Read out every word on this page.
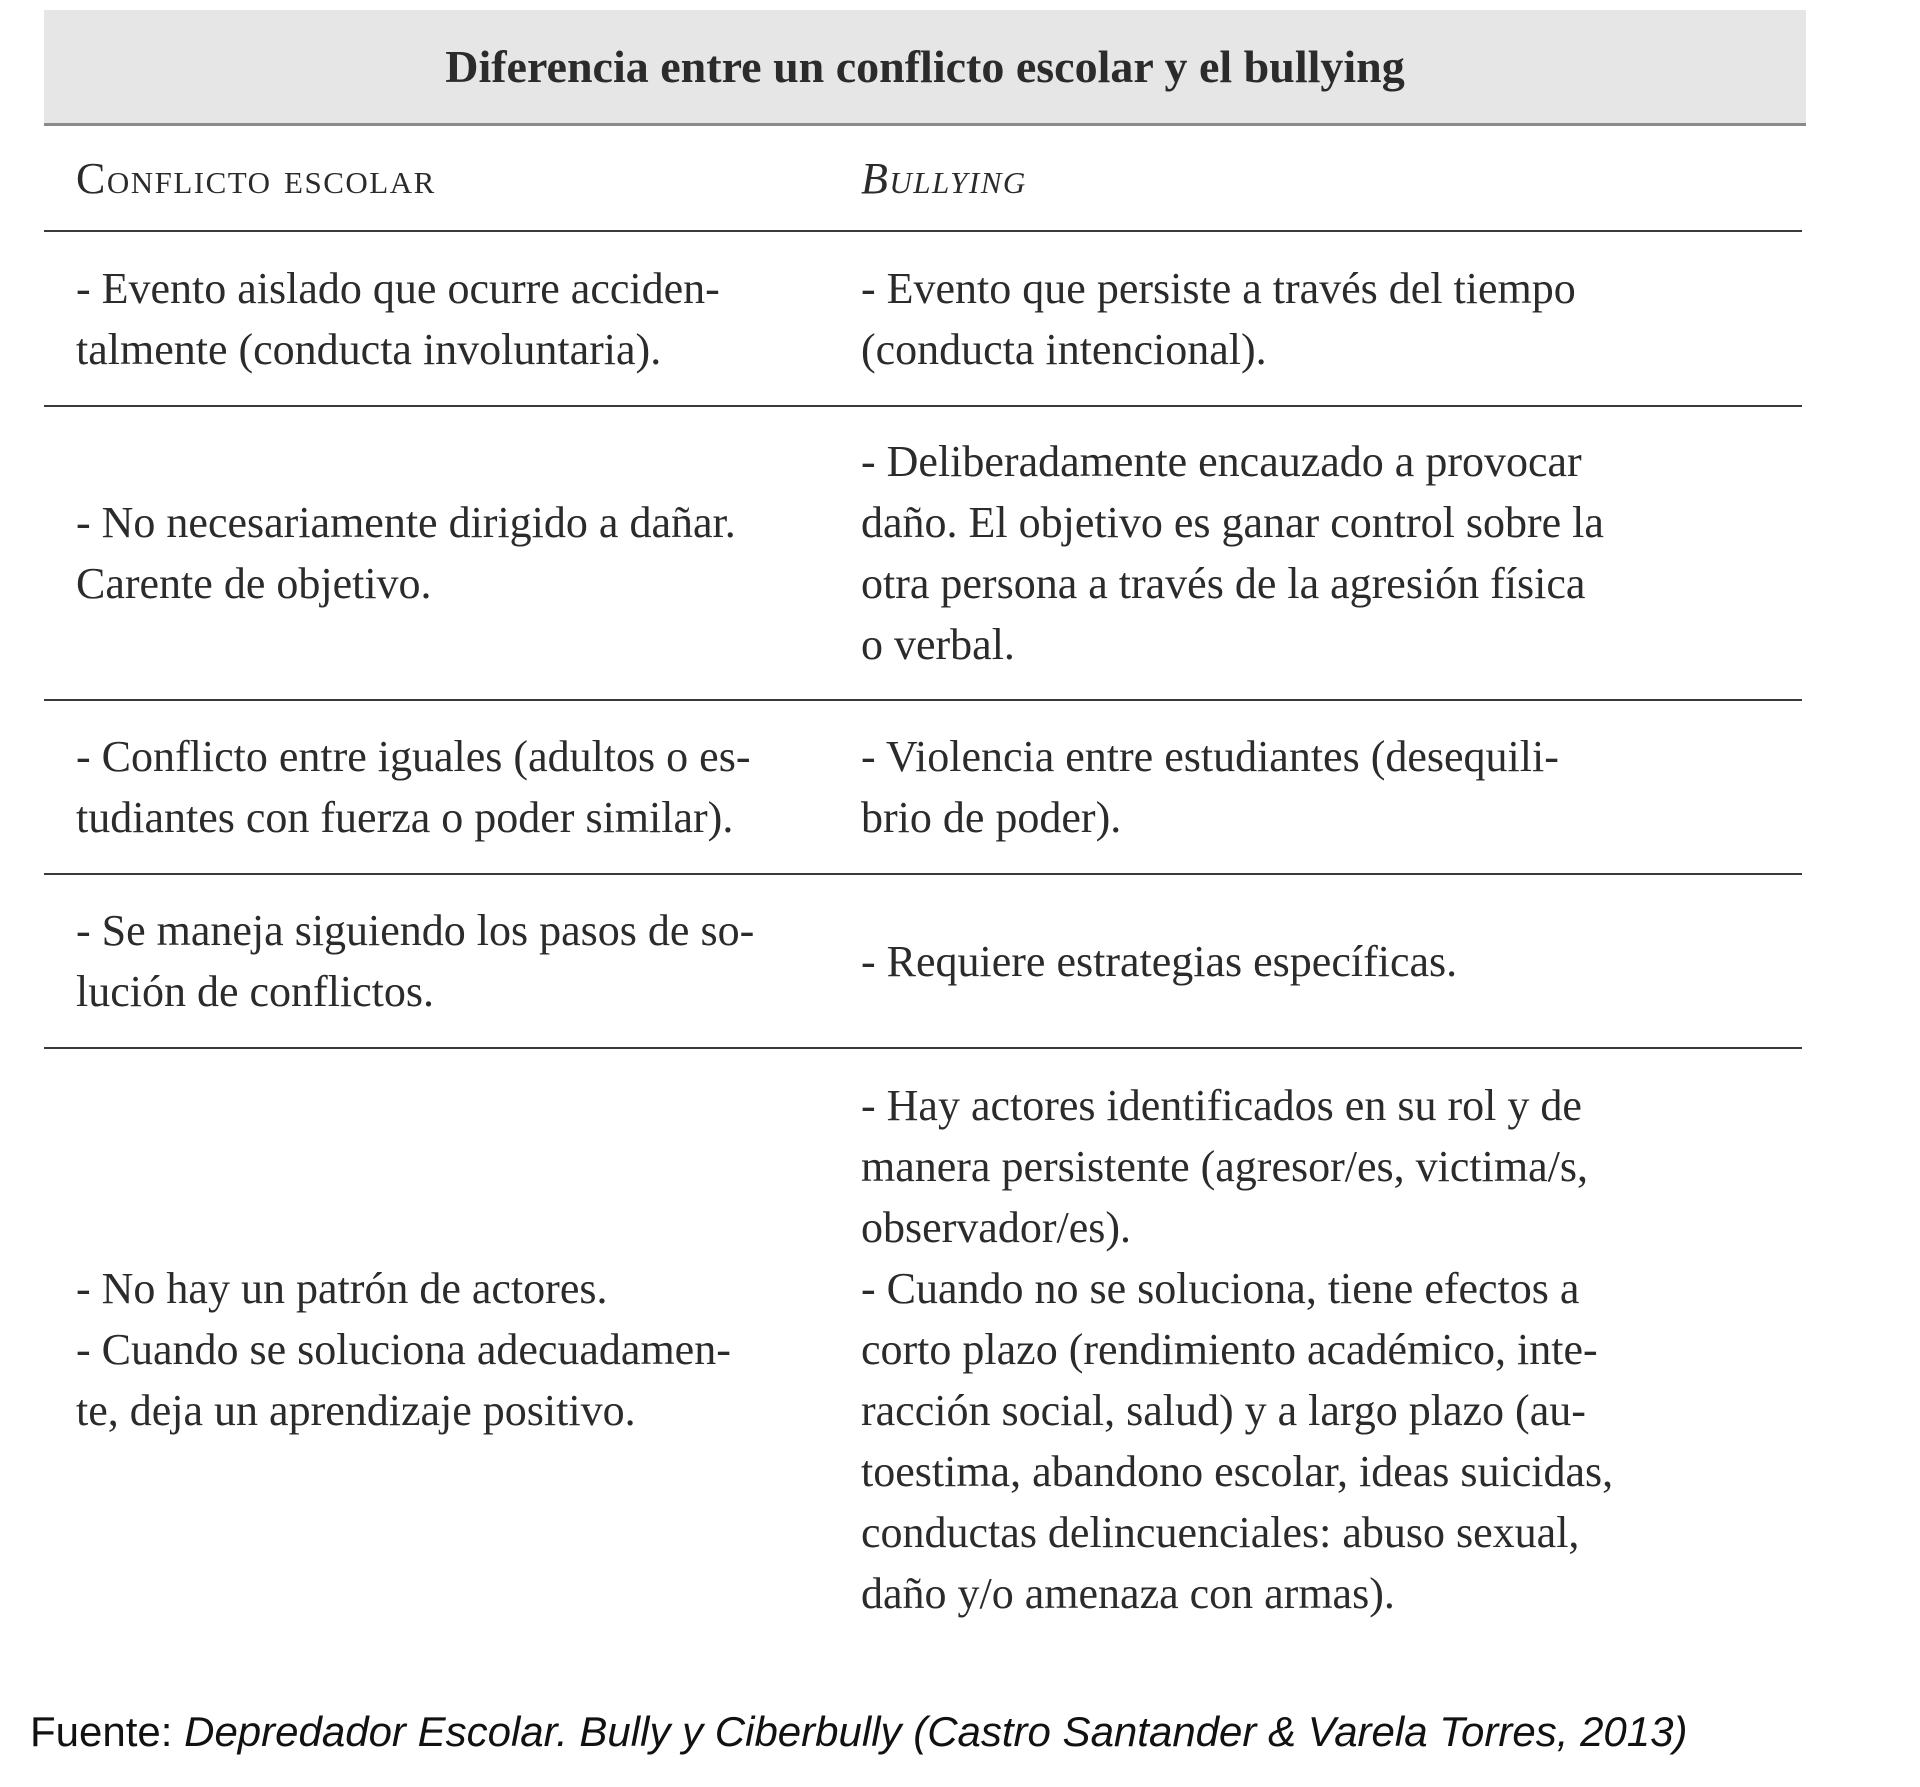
Diferencia entre un conflicto escolar y el bullying
Conflicto escolar	Bullying
- Evento aislado que ocurre acciden-
talmente (conducta involuntaria).
- Evento que persiste a través del tiempo
(conducta intencional).
- No necesariamente dirigido a dañar.
Carente de objetivo.
- Deliberadamente encauzado a provocar
daño. El objetivo es ganar control sobre la
otra persona a través de la agresión física
o verbal.
- Conflicto entre iguales (adultos o es-
tudiantes con fuerza o poder similar).
- Violencia entre estudiantes (desequili-
brio de poder).
- Se maneja siguiendo los pasos de so-
lución de conflictos.
- Requiere estrategias específicas.
- No hay un patrón de actores.
- Cuando se soluciona adecuadamen-
te, deja un aprendizaje positivo.
- Hay actores identificados en su rol y de
manera persistente (agresor/es, victima/s,
observador/es).
- Cuando no se soluciona, tiene efectos a
corto plazo (rendimiento académico, inte-
racción social, salud) y a largo plazo (au-
toestima, abandono escolar, ideas suicidas,
conductas delincuenciales: abuso sexual,
daño y/o amenaza con armas).
Fuente: Depredador Escolar. Bully y Ciberbully (Castro Santander & Varela Torres, 2013)
